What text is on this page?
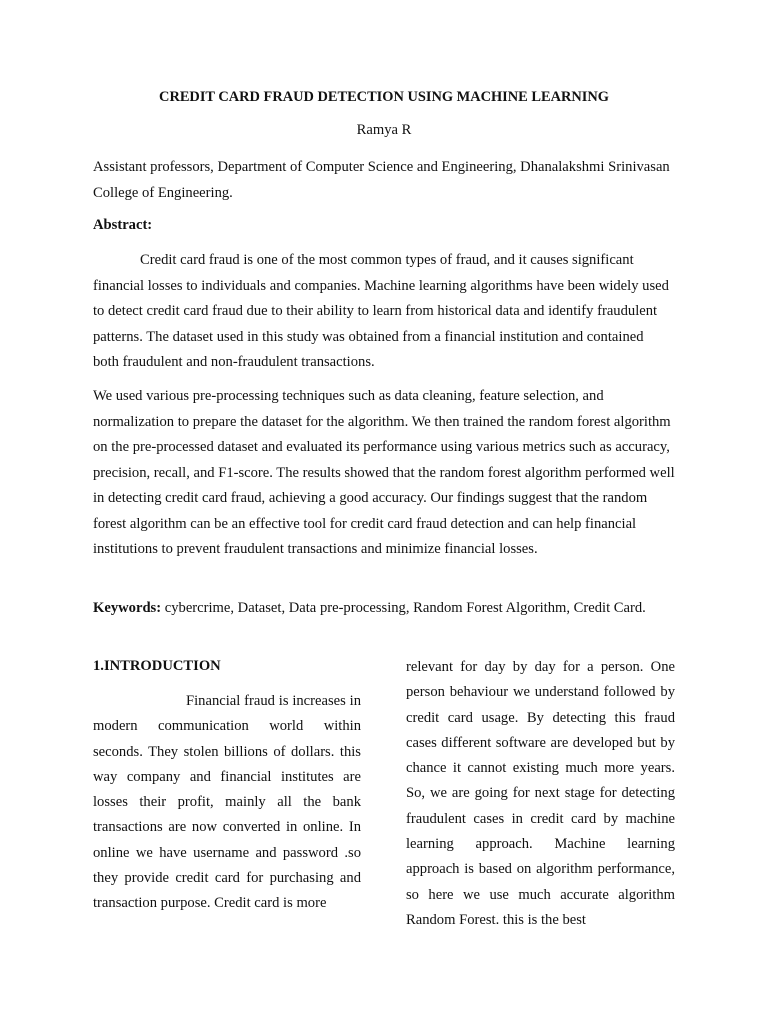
CREDIT CARD FRAUD DETECTION USING MACHINE LEARNING
Ramya R
Assistant professors, Department of Computer Science and Engineering, Dhanalakshmi Srinivasan College of Engineering.
Abstract:
Credit card fraud is one of the most common types of fraud, and it causes significant financial losses to individuals and companies. Machine learning algorithms have been widely used to detect credit card fraud due to their ability to learn from historical data and identify fraudulent patterns. The dataset used in this study was obtained from a financial institution and contained both fraudulent and non-fraudulent transactions.
We used various pre-processing techniques such as data cleaning, feature selection, and normalization to prepare the dataset for the algorithm. We then trained the random forest algorithm on the pre-processed dataset and evaluated its performance using various metrics such as accuracy, precision, recall, and F1-score. The results showed that the random forest algorithm performed well in detecting credit card fraud, achieving a good accuracy. Our findings suggest that the random forest algorithm can be an effective tool for credit card fraud detection and can help financial institutions to prevent fraudulent transactions and minimize financial losses.
Keywords: cybercrime, Dataset, Data pre-processing, Random Forest Algorithm, Credit Card.
1.INTRODUCTION
Financial fraud is increases in modern communication world within seconds. They stolen billions of dollars. this way company and financial institutes are losses their profit, mainly all the bank transactions are now converted in online. In online we have username and password .so they provide credit card for purchasing and transaction purpose. Credit card is more
relevant for day by day for a person. One person behaviour we understand followed by credit card usage. By detecting this fraud cases different software are developed but by chance it cannot existing much more years. So, we are going for next stage for detecting fraudulent cases in credit card by machine learning approach. Machine learning approach is based on algorithm performance, so here we use much accurate algorithm Random Forest. this is the best
